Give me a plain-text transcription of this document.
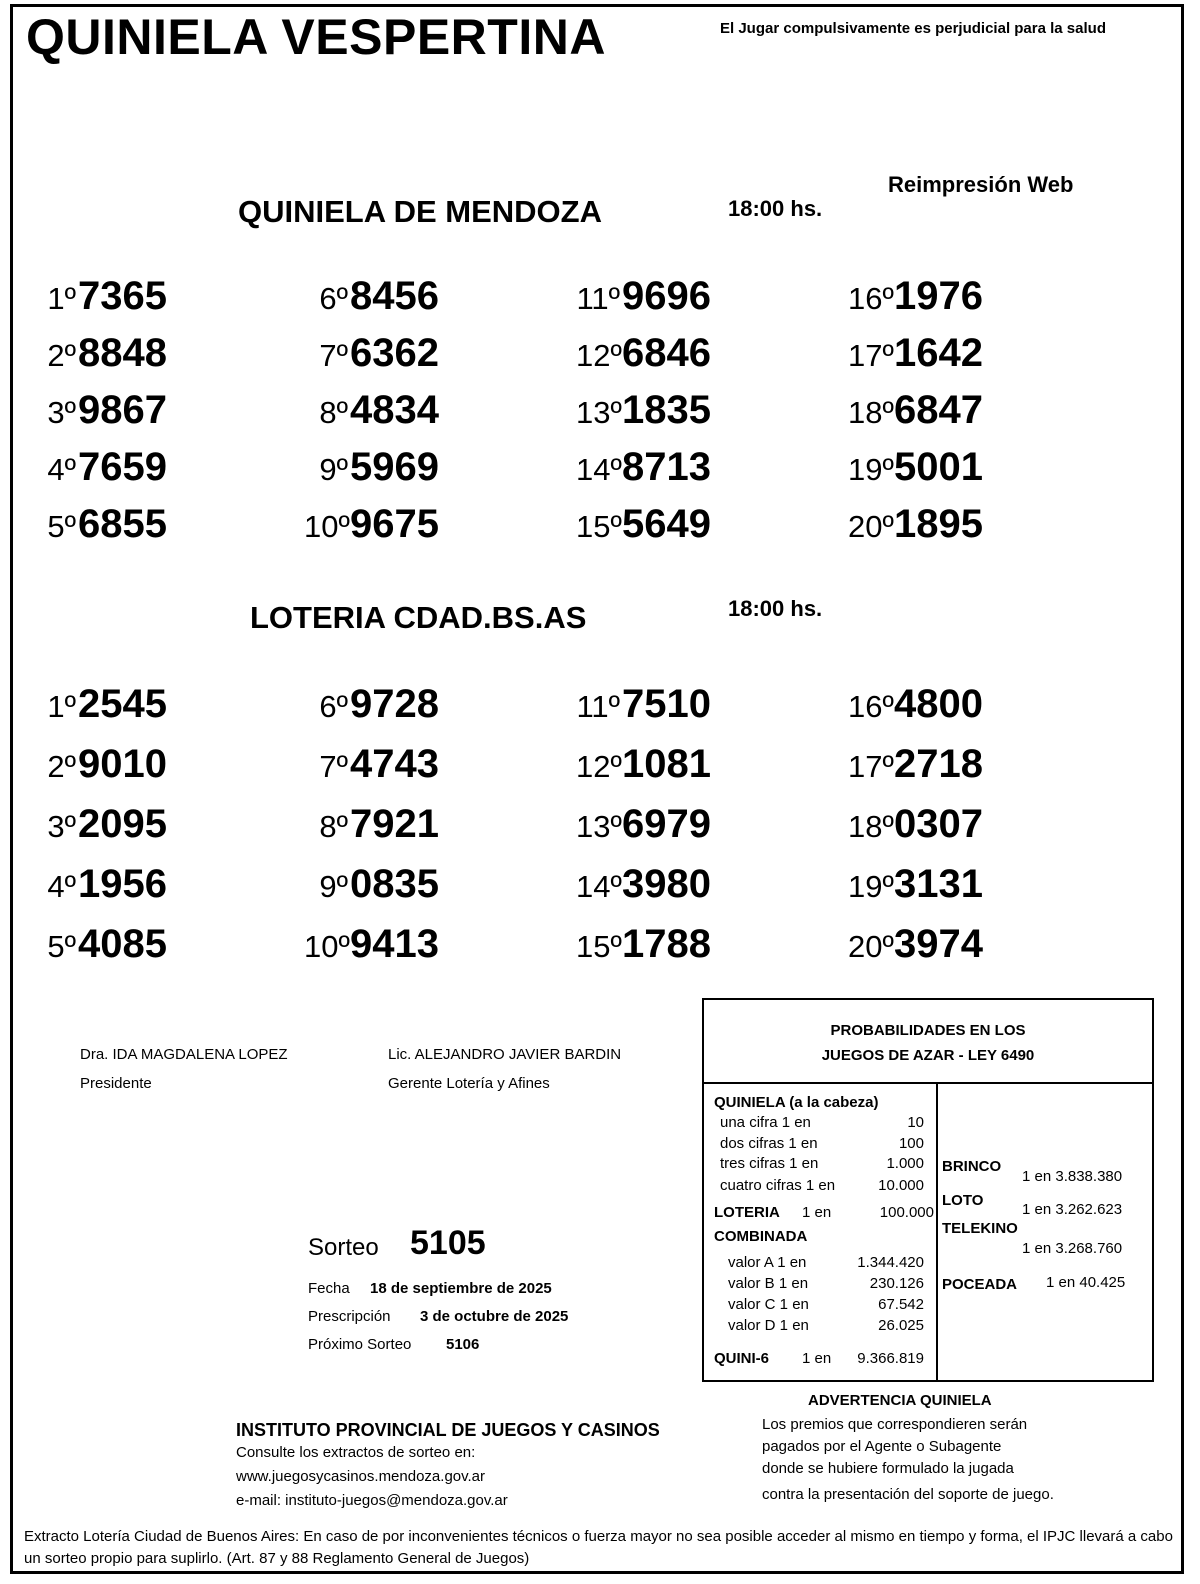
QUINIELA VESPERTINA	El Jugar compulsivamente es perjudicial para la salud
Reimpresión Web
QUINIELA DE MENDOZA	18:00 hs.
1º7365
2º8848
3º9867
4º7659
5º6855
6º8456
7º6362
8º4834
9º5969
10º9675
11º9696
12º6846
13º1835
14º8713
15º5649
16º1976
17º1642
18º6847
19º5001
20º1895
LOTERIA CDAD.BS.AS	18:00 hs.
1º2545
2º9010
3º2095
4º1956
5º4085
6º9728
7º4743
8º7921
9º0835
10º9413
11º7510
12º1081
13º6979
14º3980
15º1788
16º4800
17º2718
18º0307
19º3131
20º3974
Dra. IDA MAGDALENA LOPEZ
Presidente
Lic. ALEJANDRO JAVIER BARDIN
Gerente Lotería y Afines
PROBABILIDADES EN LOS
JUEGOS DE AZAR - LEY 6490
QUINIELA (a la cabeza)
una cifra 1 en	10
dos cifras 1 en	100
tres cifras 1 en	1.000
cuatro cifras 1 en	10.000
LOTERIA 1 en	100.000
COMBINADA
valor A 1 en	1.344.420
valor B 1 en	230.126
valor C 1 en	67.542
valor D 1 en	26.025
QUINI-6 1 en	9.366.819
BRINCO
1 en 3.838.380
LOTO
1 en 3.262.623
TELEKINO
1 en 3.268.760
POCEADA 1 en 40.425
Sorteo 5105
Fecha 18 de septiembre de 2025
Prescripción 3 de octubre de 2025
Próximo Sorteo 5106
INSTITUTO PROVINCIAL DE JUEGOS Y CASINOS
Consulte los extractos de sorteo en:
www.juegosycasinos.mendoza.gov.ar
e-mail: instituto-juegos@mendoza.gov.ar
ADVERTENCIA QUINIELA
Los premios que correspondieren serán
pagados por el Agente o Subagente
donde se hubiere formulado la jugada
contra la presentación del soporte de juego.
Extracto Lotería Ciudad de Buenos Aires: En caso de por inconvenientes técnicos o fuerza mayor no sea posible acceder al mismo en tiempo y forma, el IPJC llevará a cabo un sorteo propio para suplirlo. (Art. 87 y 88 Reglamento General de Juegos)
